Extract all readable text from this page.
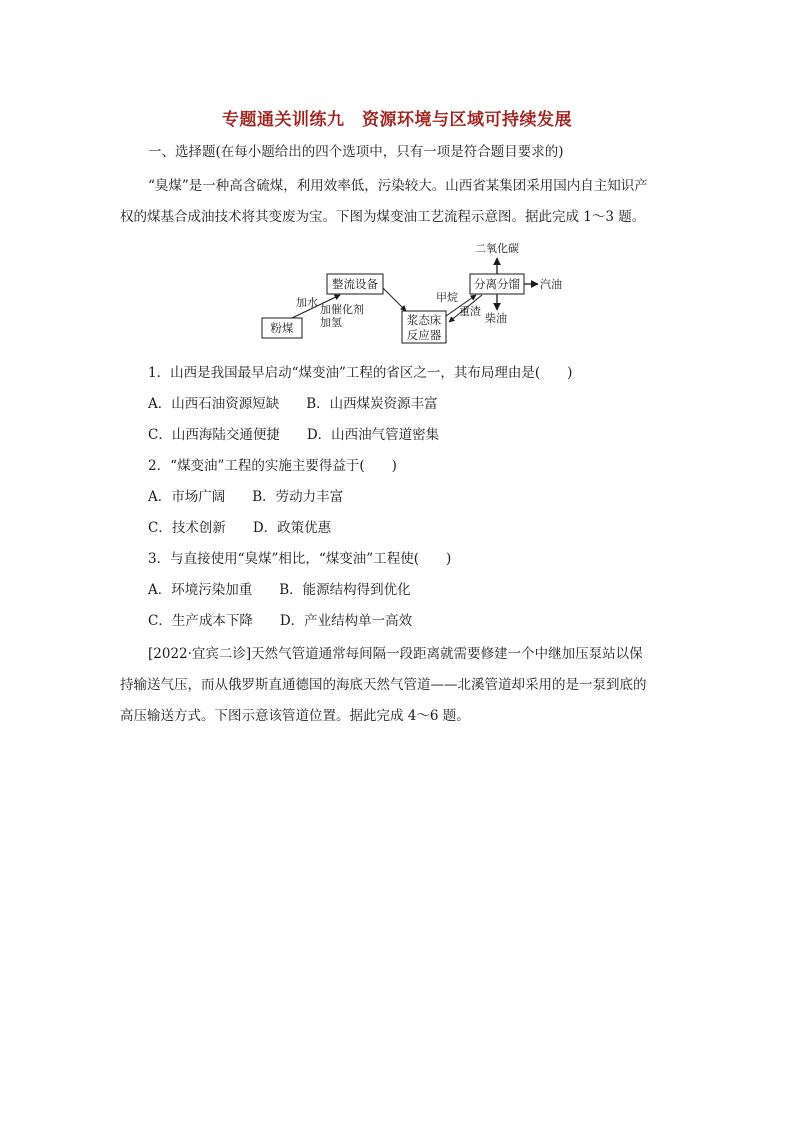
专题通关训练九　资源环境与区域可持续发展
一、选择题(在每小题给出的四个选项中，只有一项是符合题目要求的)
“臭煤”是一种高含硫煤，利用效率低，污染较大。山西省某集团采用国内自主知识产
权的煤基合成油技术将其变废为宝。下图为煤变油工艺流程示意图。据此完成 1～3 题。
粉煤
整流设备
浆态床
反应器
分离分馏
加水
加催化剂
加氢
甲烷
重渣
二氧化碳
汽油
柴油
1．山西是我国最早启动“煤变油”工程的省区之一，其布局理由是(　　)
A．山西石油资源短缺　　B．山西煤炭资源丰富
C．山西海陆交通便捷　　D．山西油气管道密集
2．“煤变油”工程的实施主要得益于(　　)
A．市场广阔　　B．劳动力丰富
C．技术创新　　D．政策优惠
3．与直接使用“臭煤”相比，“煤变油”工程使(　　)
A．环境污染加重　　B．能源结构得到优化
C．生产成本下降　　D．产业结构单一高效
[2022·宜宾二诊]天然气管道通常每间隔一段距离就需要修建一个中继加压泵站以保
持输送气压，而从俄罗斯直通德国的海底天然气管道——北溪管道却采用的是一泵到底的
高压输送方式。下图示意该管道位置。据此完成 4～6 题。
